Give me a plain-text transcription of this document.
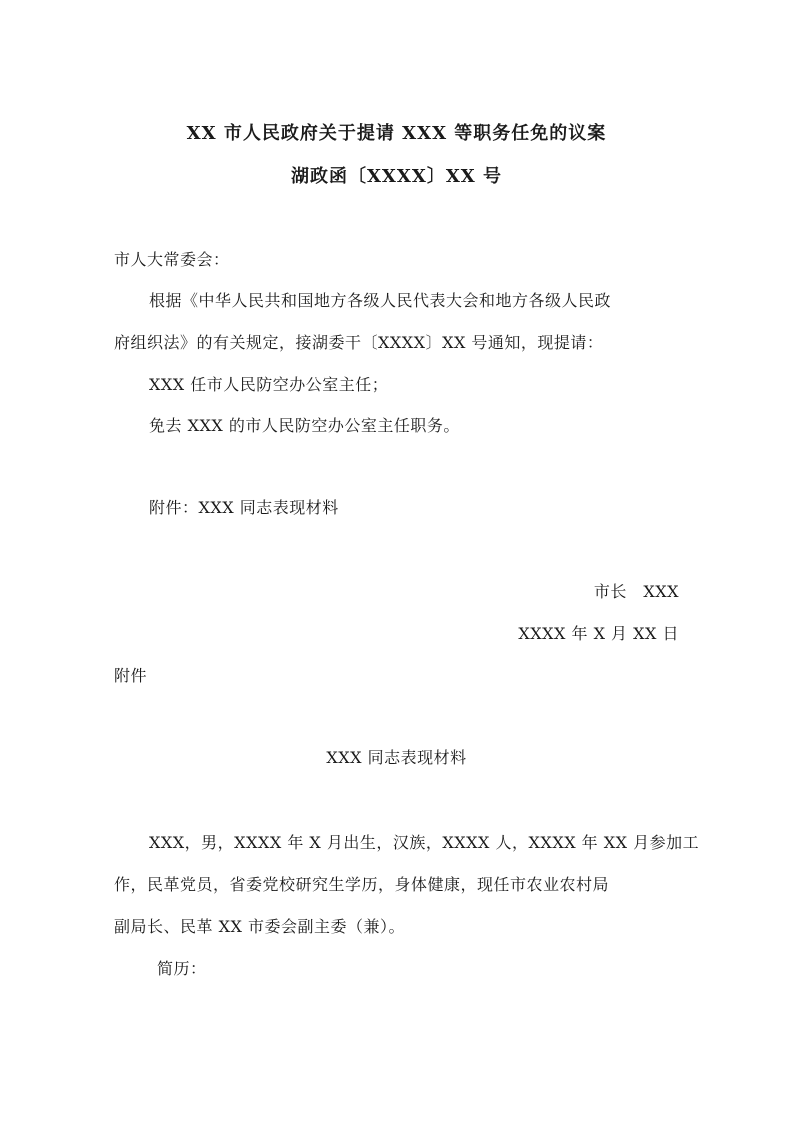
XX 市人民政府关于提请 XXX 等职务任免的议案
湖政函〔XXXX〕XX 号
市人大常委会：
根据《中华人民共和国地方各级人民代表大会和地方各级人民政
府组织法》的有关规定，接湖委干〔XXXX〕XX 号通知，现提请：
XXX 任市人民防空办公室主任；
免去 XXX 的市人民防空办公室主任职务。
附件：XXX 同志表现材料
市长　XXX
XXXX 年 X 月 XX 日
附件
XXX 同志表现材料
XXX，男，XXXX 年 X 月出生，汉族，XXXX 人，XXXX 年 XX 月参加工
作，民革党员，省委党校研究生学历，身体健康，现任市农业农村局
副局长、民革 XX 市委会副主委（兼）。
简历：
